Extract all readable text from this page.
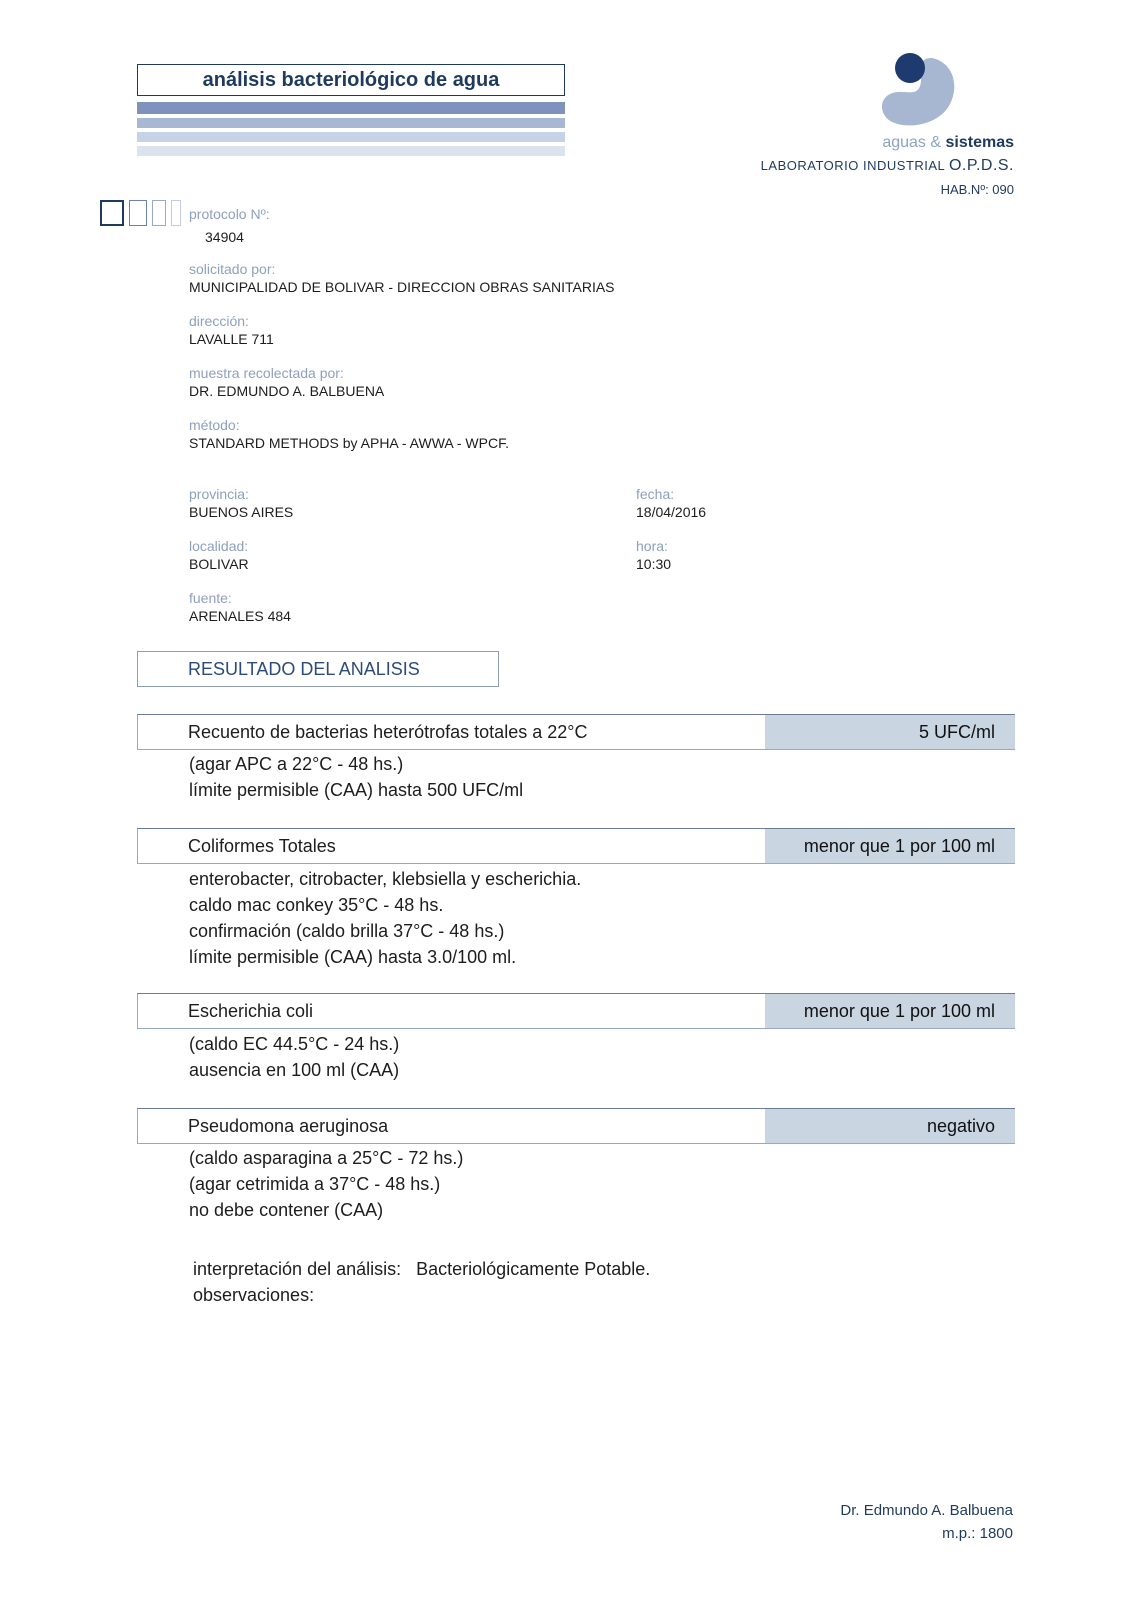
análisis bacteriológico de agua
aguas & sistemas
LABORATORIO INDUSTRIAL O.P.D.S.
HAB.Nº: 090
protocolo Nº:
34904
solicitado por:
MUNICIPALIDAD DE BOLIVAR - DIRECCION OBRAS SANITARIAS
dirección:
LAVALLE 711
muestra recolectada por:
DR. EDMUNDO A. BALBUENA
método:
STANDARD METHODS by APHA - AWWA - WPCF.
provincia:
BUENOS AIRES
fecha:
18/04/2016
localidad:
BOLIVAR
hora:
10:30
fuente:
ARENALES 484
RESULTADO DEL ANALISIS
Recuento de bacterias heterótrofas totales a 22°C	5 UFC/ml
(agar APC a 22°C - 48 hs.)
límite permisible (CAA) hasta 500 UFC/ml
Coliformes Totales	menor que 1 por 100 ml
enterobacter, citrobacter, klebsiella y escherichia.
caldo mac conkey 35°C - 48 hs.
confirmación (caldo brilla 37°C - 48 hs.)
límite permisible (CAA) hasta 3.0/100 ml.
Escherichia coli	menor que 1 por 100 ml
(caldo EC 44.5°C - 24 hs.)
ausencia en 100 ml (CAA)
Pseudomona aeruginosa	negativo
(caldo asparagina a 25°C - 72 hs.)
(agar cetrimida a 37°C - 48 hs.)
no debe contener (CAA)
interpretación del análisis: Bacteriológicamente Potable.
observaciones:
Dr. Edmundo A. Balbuena
m.p.: 1800
